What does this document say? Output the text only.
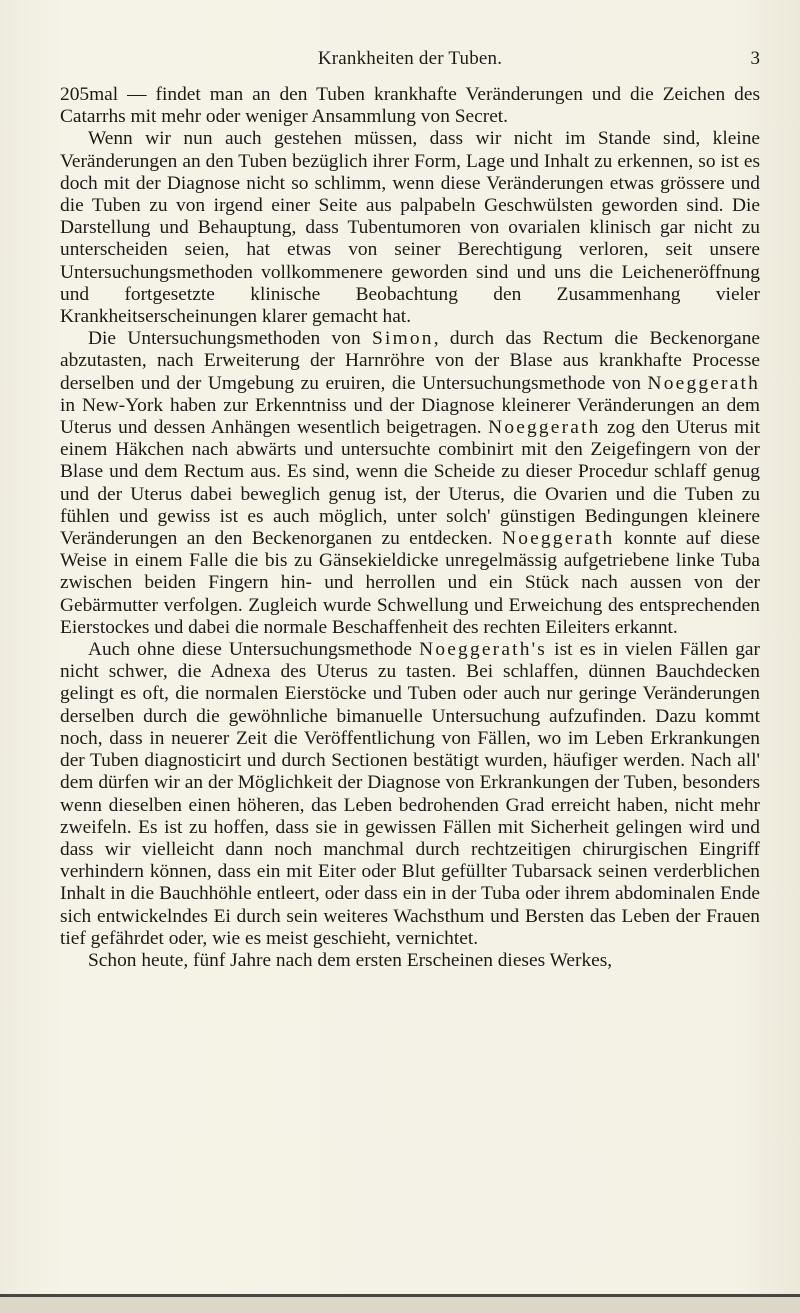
Krankheiten der Tuben.	3

205mal — findet man an den Tuben krankhafte Veränderungen und die Zeichen des Catarrhs mit mehr oder weniger Ansammlung von Secret.

Wenn wir nun auch gestehen müssen, dass wir nicht im Stande sind, kleine Veränderungen an den Tuben bezüglich ihrer Form, Lage und Inhalt zu erkennen, so ist es doch mit der Diagnose nicht so schlimm, wenn diese Veränderungen etwas grössere und die Tuben zu von irgend einer Seite aus palpabeln Geschwülsten geworden sind. Die Darstellung und Behauptung, dass Tubentumoren von ovarialen klinisch gar nicht zu unterscheiden seien, hat etwas von seiner Berechtigung verloren, seit unsere Untersuchungsmethoden vollkommenere geworden sind und uns die Leicheneröffnung und fortgesetzte klinische Beobachtung den Zusammenhang vieler Krankheitserscheinungen klarer gemacht hat.

Die Untersuchungsmethoden von Simon, durch das Rectum die Beckenorgane abzutasten, nach Erweiterung der Harnröhre von der Blase aus krankhafte Processe derselben und der Umgebung zu eruiren, die Untersuchungsmethode von Noeggerath in New-York haben zur Erkenntniss und der Diagnose kleinerer Veränderungen an dem Uterus und dessen Anhängen wesentlich beigetragen. Noeggerath zog den Uterus mit einem Häkchen nach abwärts und untersuchte combinirt mit den Zeigefingern von der Blase und dem Rectum aus. Es sind, wenn die Scheide zu dieser Procedur schlaff genug und der Uterus dabei beweglich genug ist, der Uterus, die Ovarien und die Tuben zu fühlen und gewiss ist es auch möglich, unter solch' günstigen Bedingungen kleinere Veränderungen an den Beckenorganen zu entdecken. Noeggerath konnte auf diese Weise in einem Falle die bis zu Gänsekieldicke unregelmässig aufgetriebene linke Tuba zwischen beiden Fingern hin- und herrollen und ein Stück nach aussen von der Gebärmutter verfolgen. Zugleich wurde Schwellung und Erweichung des entsprechenden Eierstockes und dabei die normale Beschaffenheit des rechten Eileiters erkannt.

Auch ohne diese Untersuchungsmethode Noeggerath's ist es in vielen Fällen gar nicht schwer, die Adnexa des Uterus zu tasten. Bei schlaffen, dünnen Bauchdecken gelingt es oft, die normalen Eierstöcke und Tuben oder auch nur geringe Veränderungen derselben durch die gewöhnliche bimanuelle Untersuchung aufzufinden. Dazu kommt noch, dass in neuerer Zeit die Veröffentlichung von Fällen, wo im Leben Erkrankungen der Tuben diagnosticirt und durch Sectionen bestätigt wurden, häufiger werden. Nach all' dem dürfen wir an der Möglichkeit der Diagnose von Erkrankungen der Tuben, besonders wenn dieselben einen höheren, das Leben bedrohenden Grad erreicht haben, nicht mehr zweifeln. Es ist zu hoffen, dass sie in gewissen Fällen mit Sicherheit gelingen wird und dass wir vielleicht dann noch manchmal durch rechtzeitigen chirurgischen Eingriff verhindern können, dass ein mit Eiter oder Blut gefüllter Tubarsack seinen verderblichen Inhalt in die Bauchhöhle entleert, oder dass ein in der Tuba oder ihrem abdominalen Ende sich entwickelndes Ei durch sein weiteres Wachsthum und Bersten das Leben der Frauen tief gefährdet oder, wie es meist geschieht, vernichtet.

Schon heute, fünf Jahre nach dem ersten Erscheinen dieses Werkes,
